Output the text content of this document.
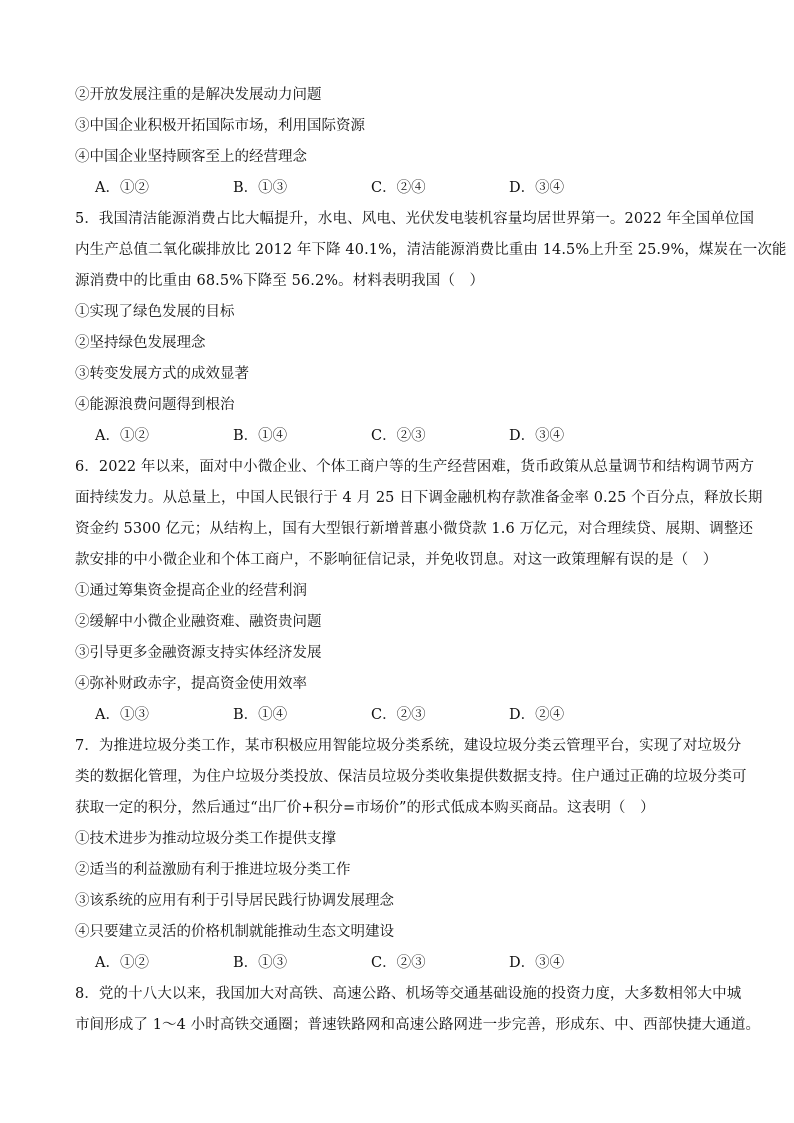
②开放发展注重的是解决发展动力问题
③中国企业积极开拓国际市场，利用国际资源
④中国企业坚持顾客至上的经营理念
A．①②	B．①③	C．②④	D．③④
5．我国清洁能源消费占比大幅提升，水电、风电、光伏发电装机容量均居世界第一。2022 年全国单位国
内生产总值二氧化碳排放比 2012 年下降 40.1%，清洁能源消费比重由 14.5%上升至 25.9%，煤炭在一次能
源消费中的比重由 68.5%下降至 56.2%。材料表明我国（　）
①实现了绿色发展的目标
②坚持绿色发展理念
③转变发展方式的成效显著
④能源浪费问题得到根治
A．①②	B．①④	C．②③	D．③④
6．2022 年以来，面对中小微企业、个体工商户等的生产经营困难，货币政策从总量调节和结构调节两方
面持续发力。从总量上，中国人民银行于 4 月 25 日下调金融机构存款准备金率 0.25 个百分点，释放长期
资金约 5300 亿元；从结构上，国有大型银行新增普惠小微贷款 1.6 万亿元，对合理续贷、展期、调整还
款安排的中小微企业和个体工商户，不影响征信记录，并免收罚息。对这一政策理解有误的是（　）
①通过筹集资金提高企业的经营利润
②缓解中小微企业融资难、融资贵问题
③引导更多金融资源支持实体经济发展
④弥补财政赤字，提高资金使用效率
A．①③	B．①④	C．②③	D．②④
7．为推进垃圾分类工作，某市积极应用智能垃圾分类系统，建设垃圾分类云管理平台，实现了对垃圾分
类的数据化管理，为住户垃圾分类投放、保洁员垃圾分类收集提供数据支持。住户通过正确的垃圾分类可
获取一定的积分，然后通过“出厂价+积分=市场价”的形式低成本购买商品。这表明（　）
①技术进步为推动垃圾分类工作提供支撑
②适当的利益激励有利于推进垃圾分类工作
③该系统的应用有利于引导居民践行协调发展理念
④只要建立灵活的价格机制就能推动生态文明建设
A．①②	B．①③	C．②③	D．③④
8．党的十八大以来，我国加大对高铁、高速公路、机场等交通基础设施的投资力度，大多数相邻大中城
市间形成了 1～4 小时高铁交通圈；普速铁路网和高速公路网进一步完善，形成东、中、西部快捷大通道。
